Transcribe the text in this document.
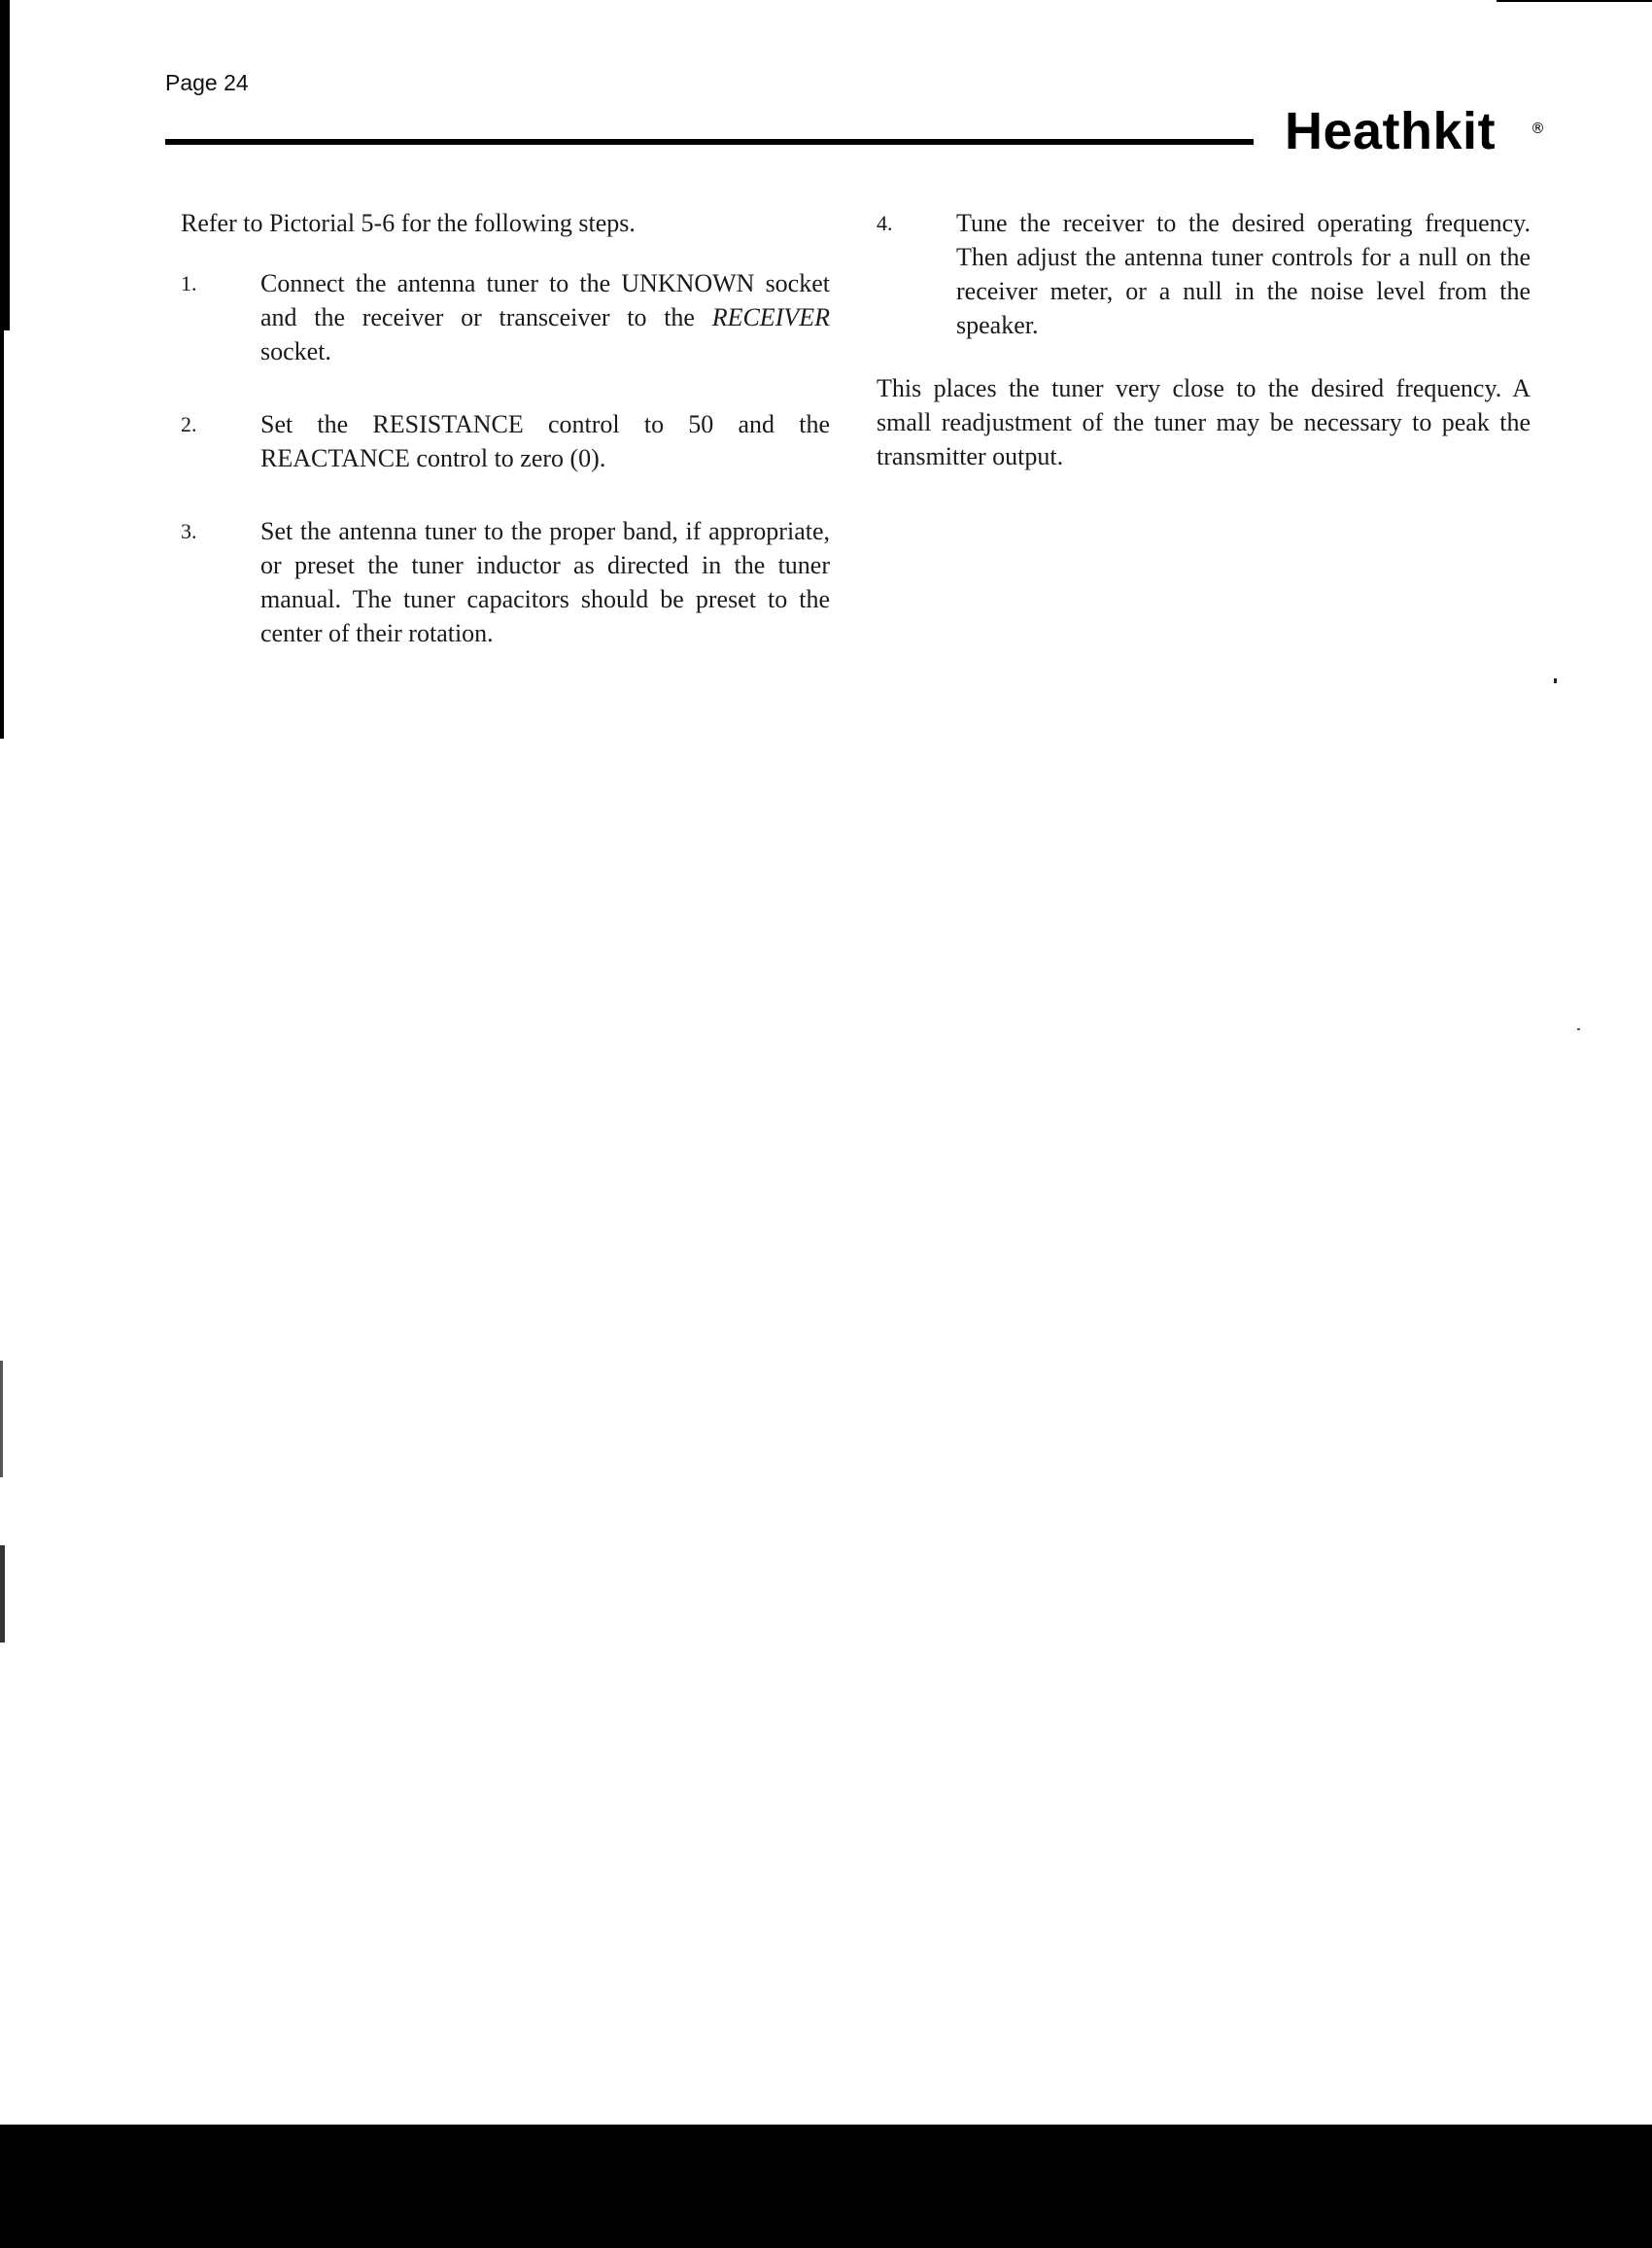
Page 24
Heathkit ®

Refer to Pictorial 5-6 for the following steps.

1.	Connect the antenna tuner to the UNKNOWN socket and the receiver or transceiver to the RECEIVER socket.
2.	Set the RESISTANCE control to 50 and the REACTANCE control to zero (0).
3.	Set the antenna tuner to the proper band, if appropriate, or preset the tuner inductor as directed in the tuner manual. The tuner capacitors should be preset to the center of their rotation.
4.	Tune the receiver to the desired operating frequency. Then adjust the antenna tuner controls for a null on the receiver meter, or a null in the noise level from the speaker.

This places the tuner very close to the desired frequency. A small readjustment of the tuner may be necessary to peak the transmitter output.
